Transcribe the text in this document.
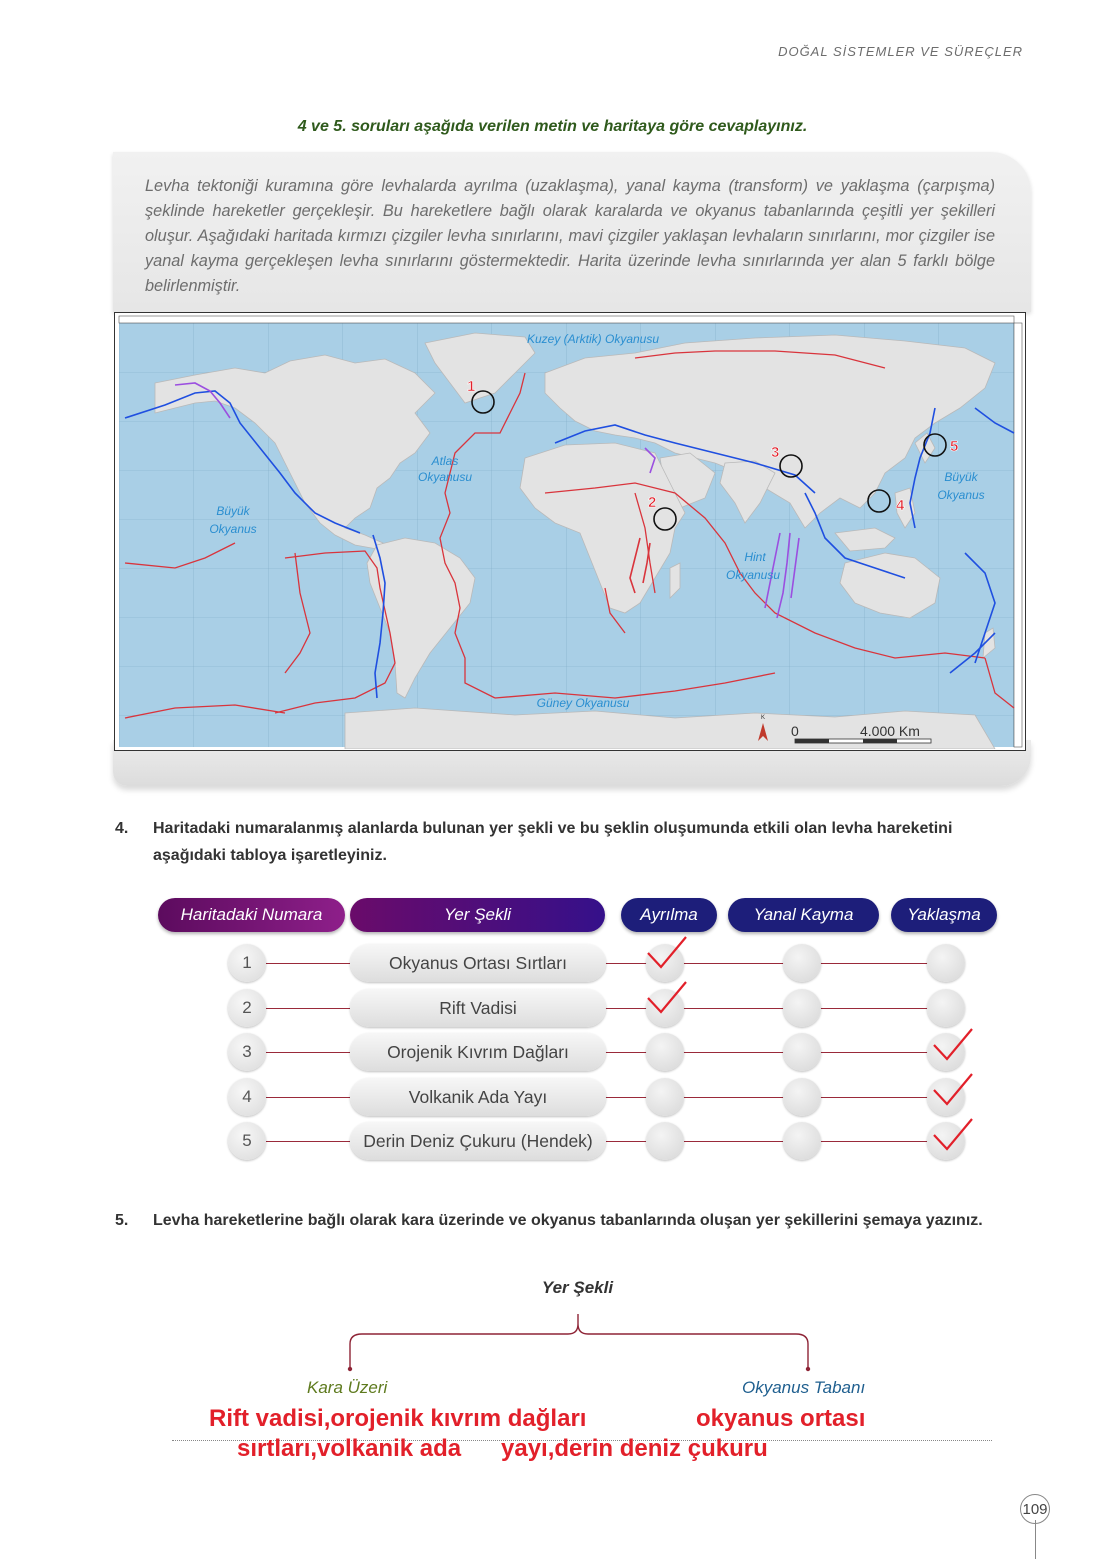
DOĞAL SİSTEMLER VE SÜREÇLER
4 ve 5. soruları aşağıda verilen metin ve haritaya göre cevaplayınız.

Levha tektoniği kuramına göre levhalarda ayrılma (uzaklaşma), yanal kayma (transform) ve yaklaşma (çarpışma) şeklinde hareketler gerçekleşir. Bu hareketlere bağlı olarak karalarda ve okyanus tabanlarında çeşitli yer şekilleri oluşur. Aşağıdaki haritada kırmızı çizgiler levha sınırlarını, mavi çizgiler yaklaşan levhaların sınırlarını, mor çizgiler ise yanal kayma gerçekleşen levha sınırlarını göstermektedir. Harita üzerinde levha sınırlarında yer alan 5 farklı bölge belirlenmiştir.

Kuzey (Arktik) Okyanusu
Atlas
Okyanusu
Büyük
Okyanus
Büyük
Okyanus
Hint
Okyanusu
Güney Okyanusu
1
2
3
4
5
0	4.000 Km
K
4. Haritadaki numaralanmış alanlarda bulunan yer şekli ve bu şeklin oluşumunda etkili olan levha hareketini aşağıdaki tabloya işaretleyiniz.
Haritadaki Numara	Yer Şekli	Ayrılma	Yanal Kayma	Yaklaşma
1	Okyanus Ortası Sırtları
2	Rift Vadisi
3	Orojenik Kıvrım Dağları
4	Volkanik Ada Yayı
5	Derin Deniz Çukuru (Hendek)
5. Levha hareketlerine bağlı olarak kara üzerinde ve okyanus tabanlarında oluşan yer şekillerini şemaya yazınız.
Yer Şekli
Kara Üzeri	Okyanus Tabanı
Rift vadisi,orojenik kıvrım dağları	okyanus ortası
sırtları,volkanik ada yayı,derin deniz çukuru
109
